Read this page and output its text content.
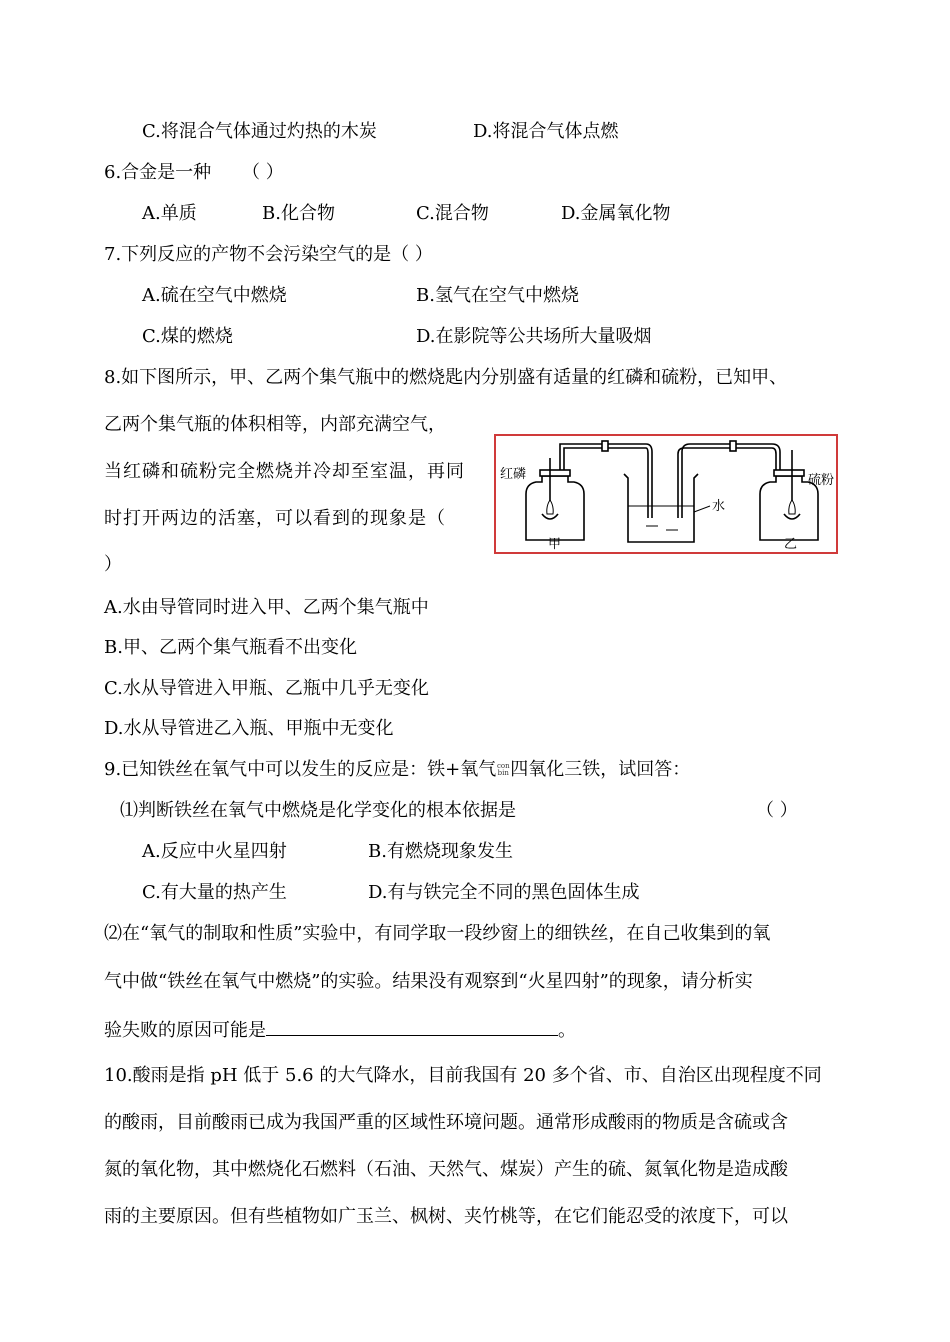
C.将混合气体通过灼热的木炭	D.将混合气体点燃
6.合金是一种 （ ）
A.单质	B.化合物	C.混合物	D.金属氧化物
7.下列反应的产物不会污染空气的是（ ）
A.硫在空气中燃烧	B.氢气在空气中燃烧
C.煤的燃烧	D.在影院等公共场所大量吸烟
8.如下图所示，甲、乙两个集气瓶中的燃烧匙内分别盛有适量的红磷和硫粉，已知甲、
乙两个集气瓶的体积相等，内部充满空气，
当红磷和硫粉完全燃烧并冷却至室温，再同
时打开两边的活塞，可以看到的现象是（
）
红磷	硫粉
水
甲	乙
A.水由导管同时进入甲、乙两个集气瓶中
B.甲、乙两个集气瓶看不出变化
C.水从导管进入甲瓶、乙瓶中几乎无变化
D.水从导管进乙入瓶、甲瓶中无变化
9.已知铁丝在氧气中可以发生的反应是：铁+氧气con
bin四氧化三铁，试回答：
⑴判断铁丝在氧气中燃烧是化学变化的根本依据是	（ ）
A.反应中火星四射	B.有燃烧现象发生
C.有大量的热产生	D.有与铁完全不同的黑色固体生成
⑵在“氧气的制取和性质”实验中，有同学取一段纱窗上的细铁丝，在自己收集到的氧
气中做“铁丝在氧气中燃烧”的实验。结果没有观察到“火星四射”的现象，请分析实
验失败的原因可能是	。
10.酸雨是指 pH 低于 5.6 的大气降水，目前我国有 20 多个省、市、自治区出现程度不同
的酸雨，目前酸雨已成为我国严重的区域性环境问题。通常形成酸雨的物质是含硫或含
氮的氧化物，其中燃烧化石燃料（石油、天然气、煤炭）产生的硫、氮氧化物是造成酸
雨的主要原因。但有些植物如广玉兰、枫树、夹竹桃等，在它们能忍受的浓度下，可以
